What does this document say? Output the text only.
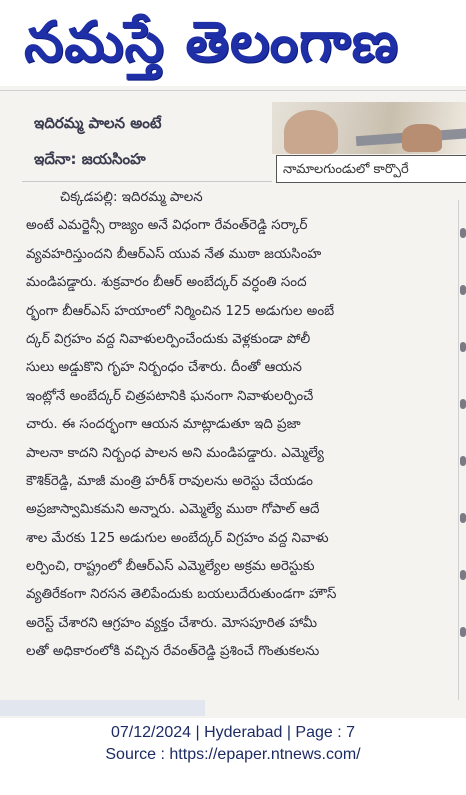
నమస్తే తెలంగాణ
ఇదిరమ్మ పాలన అంటే
ఇదేనా: జయసింహ
నామాలగుండులో కార్పొరే
చిక్కడపల్లి: ఇదిరమ్మ పాలన
అంటే ఎమర్జెన్సీ రాజ్యం అనే విధంగా రేవంత్‌రెడ్డి సర్కార్
వ్యవహరిస్తుందని బీఆర్‌ఎస్ యువ నేత ముఠా జయసింహ
మండిపడ్డారు. శుక్రవారం బీఆర్ అంబేద్కర్ వర్ధంతి సంద
ర్భంగా బీఆర్‌ఎస్ హయాంలో నిర్మించిన 125 అడుగుల అంబే
ద్కర్ విగ్రహం వద్ద నివాళులర్పించేందుకు వెళ్లకుండా పోలీ
సులు అడ్డుకొని గృహ నిర్బంధం చేశారు. దీంతో ఆయన
ఇంట్లోనే అంబేద్కర్ చిత్రపటానికి ఘనంగా నివాళులర్పించే
చారు. ఈ సందర్భంగా ఆయన మాట్లాడుతూ ఇది ప్రజా
పాలనా కాదని నిర్బంధ పాలన అని మండిపడ్డారు. ఎమ్మెల్యే
కౌశిక్‌రెడ్డి, మాజీ మంత్రి హరీశ్ రావులను అరెస్టు చేయడం
అప్రజాస్వామికమని అన్నారు. ఎమ్మెల్యే ముఠా గోపాల్ ఆదే
శాల మేరకు 125 అడుగుల అంబేద్కర్ విగ్రహం వద్ద నివాళు
లర్పించి, రాష్ట్రంలో బీఆర్‌ఎస్ ఎమ్మెల్యేల అక్రమ అరెస్టుకు
వ్యతిరేకంగా నిరసన తెలిపేందుకు బయలుదేరుతుండగా హౌస్
అరెస్ట్ చేశారని ఆగ్రహం వ్యక్తం చేశారు. మోసపూరిత హామీ
లతో అధికారంలోకి వచ్చిన రేవంత్‌రెడ్డి ప్రశించే గొంతుకలను
07/12/2024 | Hyderabad | Page : 7
Source : https://epaper.ntnews.com/
